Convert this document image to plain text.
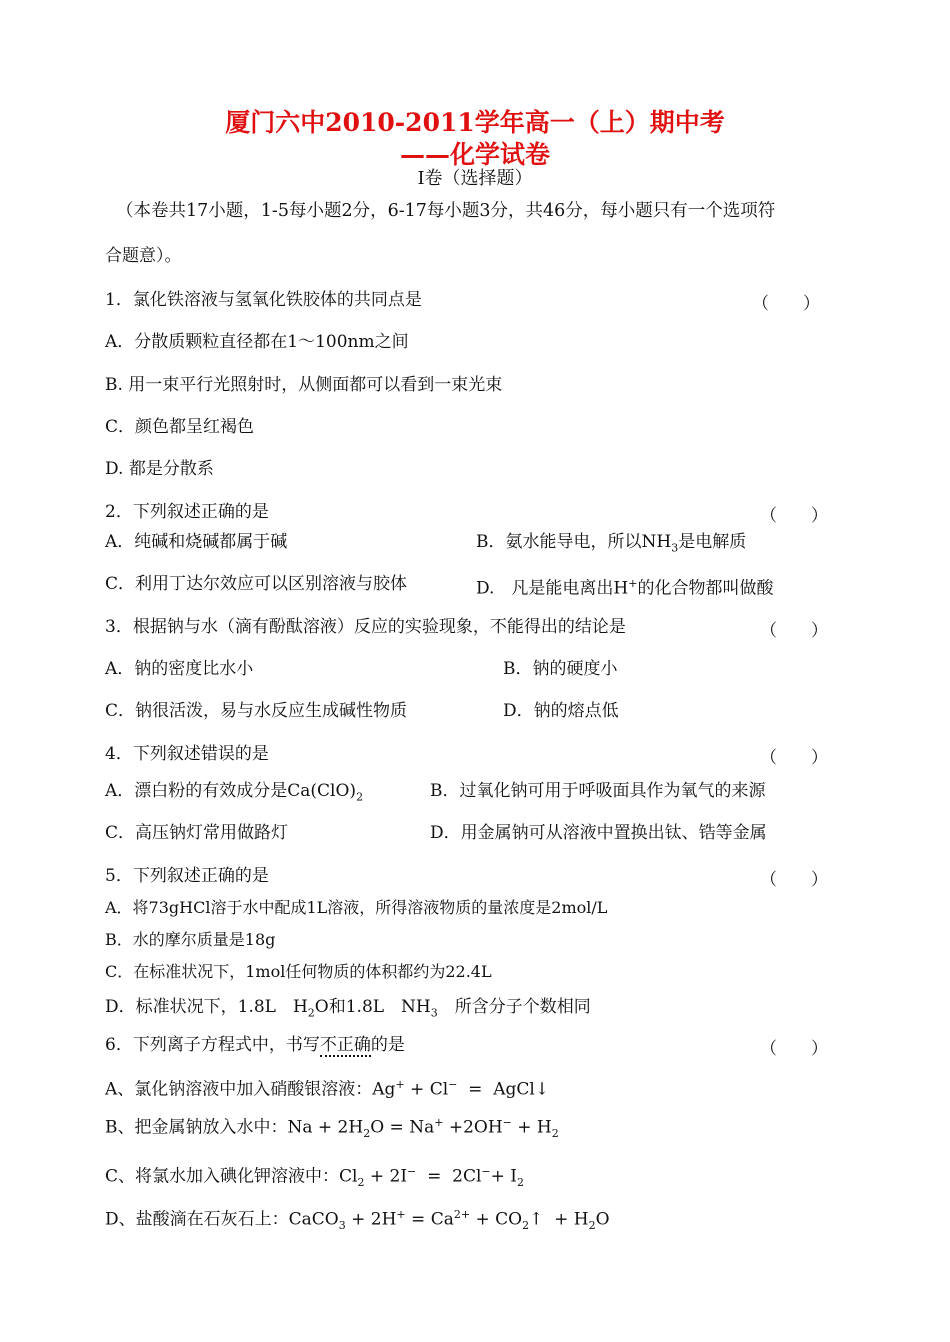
厦门六中2010-2011学年高一（上）期中考
——化学试卷
Ⅰ卷（选择题）
（本卷共17小题，1-5每小题2分，6-17每小题3分，共46分，每小题只有一个选项符
合题意）。
1．氯化铁溶液与氢氧化铁胶体的共同点是	（　　）
A．分散质颗粒直径都在1～100nm之间
B. 用一束平行光照射时，从侧面都可以看到一束光束
C．颜色都呈红褐色
D. 都是分散系
2．下列叙述正确的是	（　　）
A．纯碱和烧碱都属于碱	B．氨水能导电，所以$NH_3$是电解质
C．利用丁达尔效应可以区别溶液与胶体	D.　凡是能电离出H+的化合物都叫做酸
3．根据钠与水（滴有酚酞溶液）反应的实验现象，不能得出的结论是	（　　）
A．钠的密度比水小	B．钠的硬度小
C．钠很活泼，易与水反应生成碱性物质	D．钠的熔点低
4．下列叙述错误的是	（　　）
A．漂白粉的有效成分是$Ca(ClO)_2$	B．过氧化钠可用于呼吸面具作为氧气的来源
C．高压钠灯常用做路灯	D．用金属钠可从溶液中置换出钛、锆等金属
5．下列叙述正确的是	（　　）
A．将73gHCl溶于水中配成1L溶液，所得溶液物质的量浓度是2mol/L
B．水的摩尔质量是18g
C．在标准状况下，1mol任何物质的体积都约为22.4L
D．标准状况下，1.8L　$H_2O$和1.8L　$NH_3$　所含分子个数相同
6．下列离子方程式中，书写不正确的是	（　　）
A、氯化钠溶液中加入硝酸银溶液：Ag+ + Cl−  =  AgCl↓
B、把金属钠放入水中：$Na + 2H_2O = Na^+ +2OH^- + H_2$
C、将氯水加入碘化钾溶液中：$Cl_2 + 2I^- = 2Cl^-+ I_2$
D、盐酸滴在石灰石上：CaCO$_3$ + $2H^+ = Ca^{2+}$ + $CO_2↑ + H_2O$
